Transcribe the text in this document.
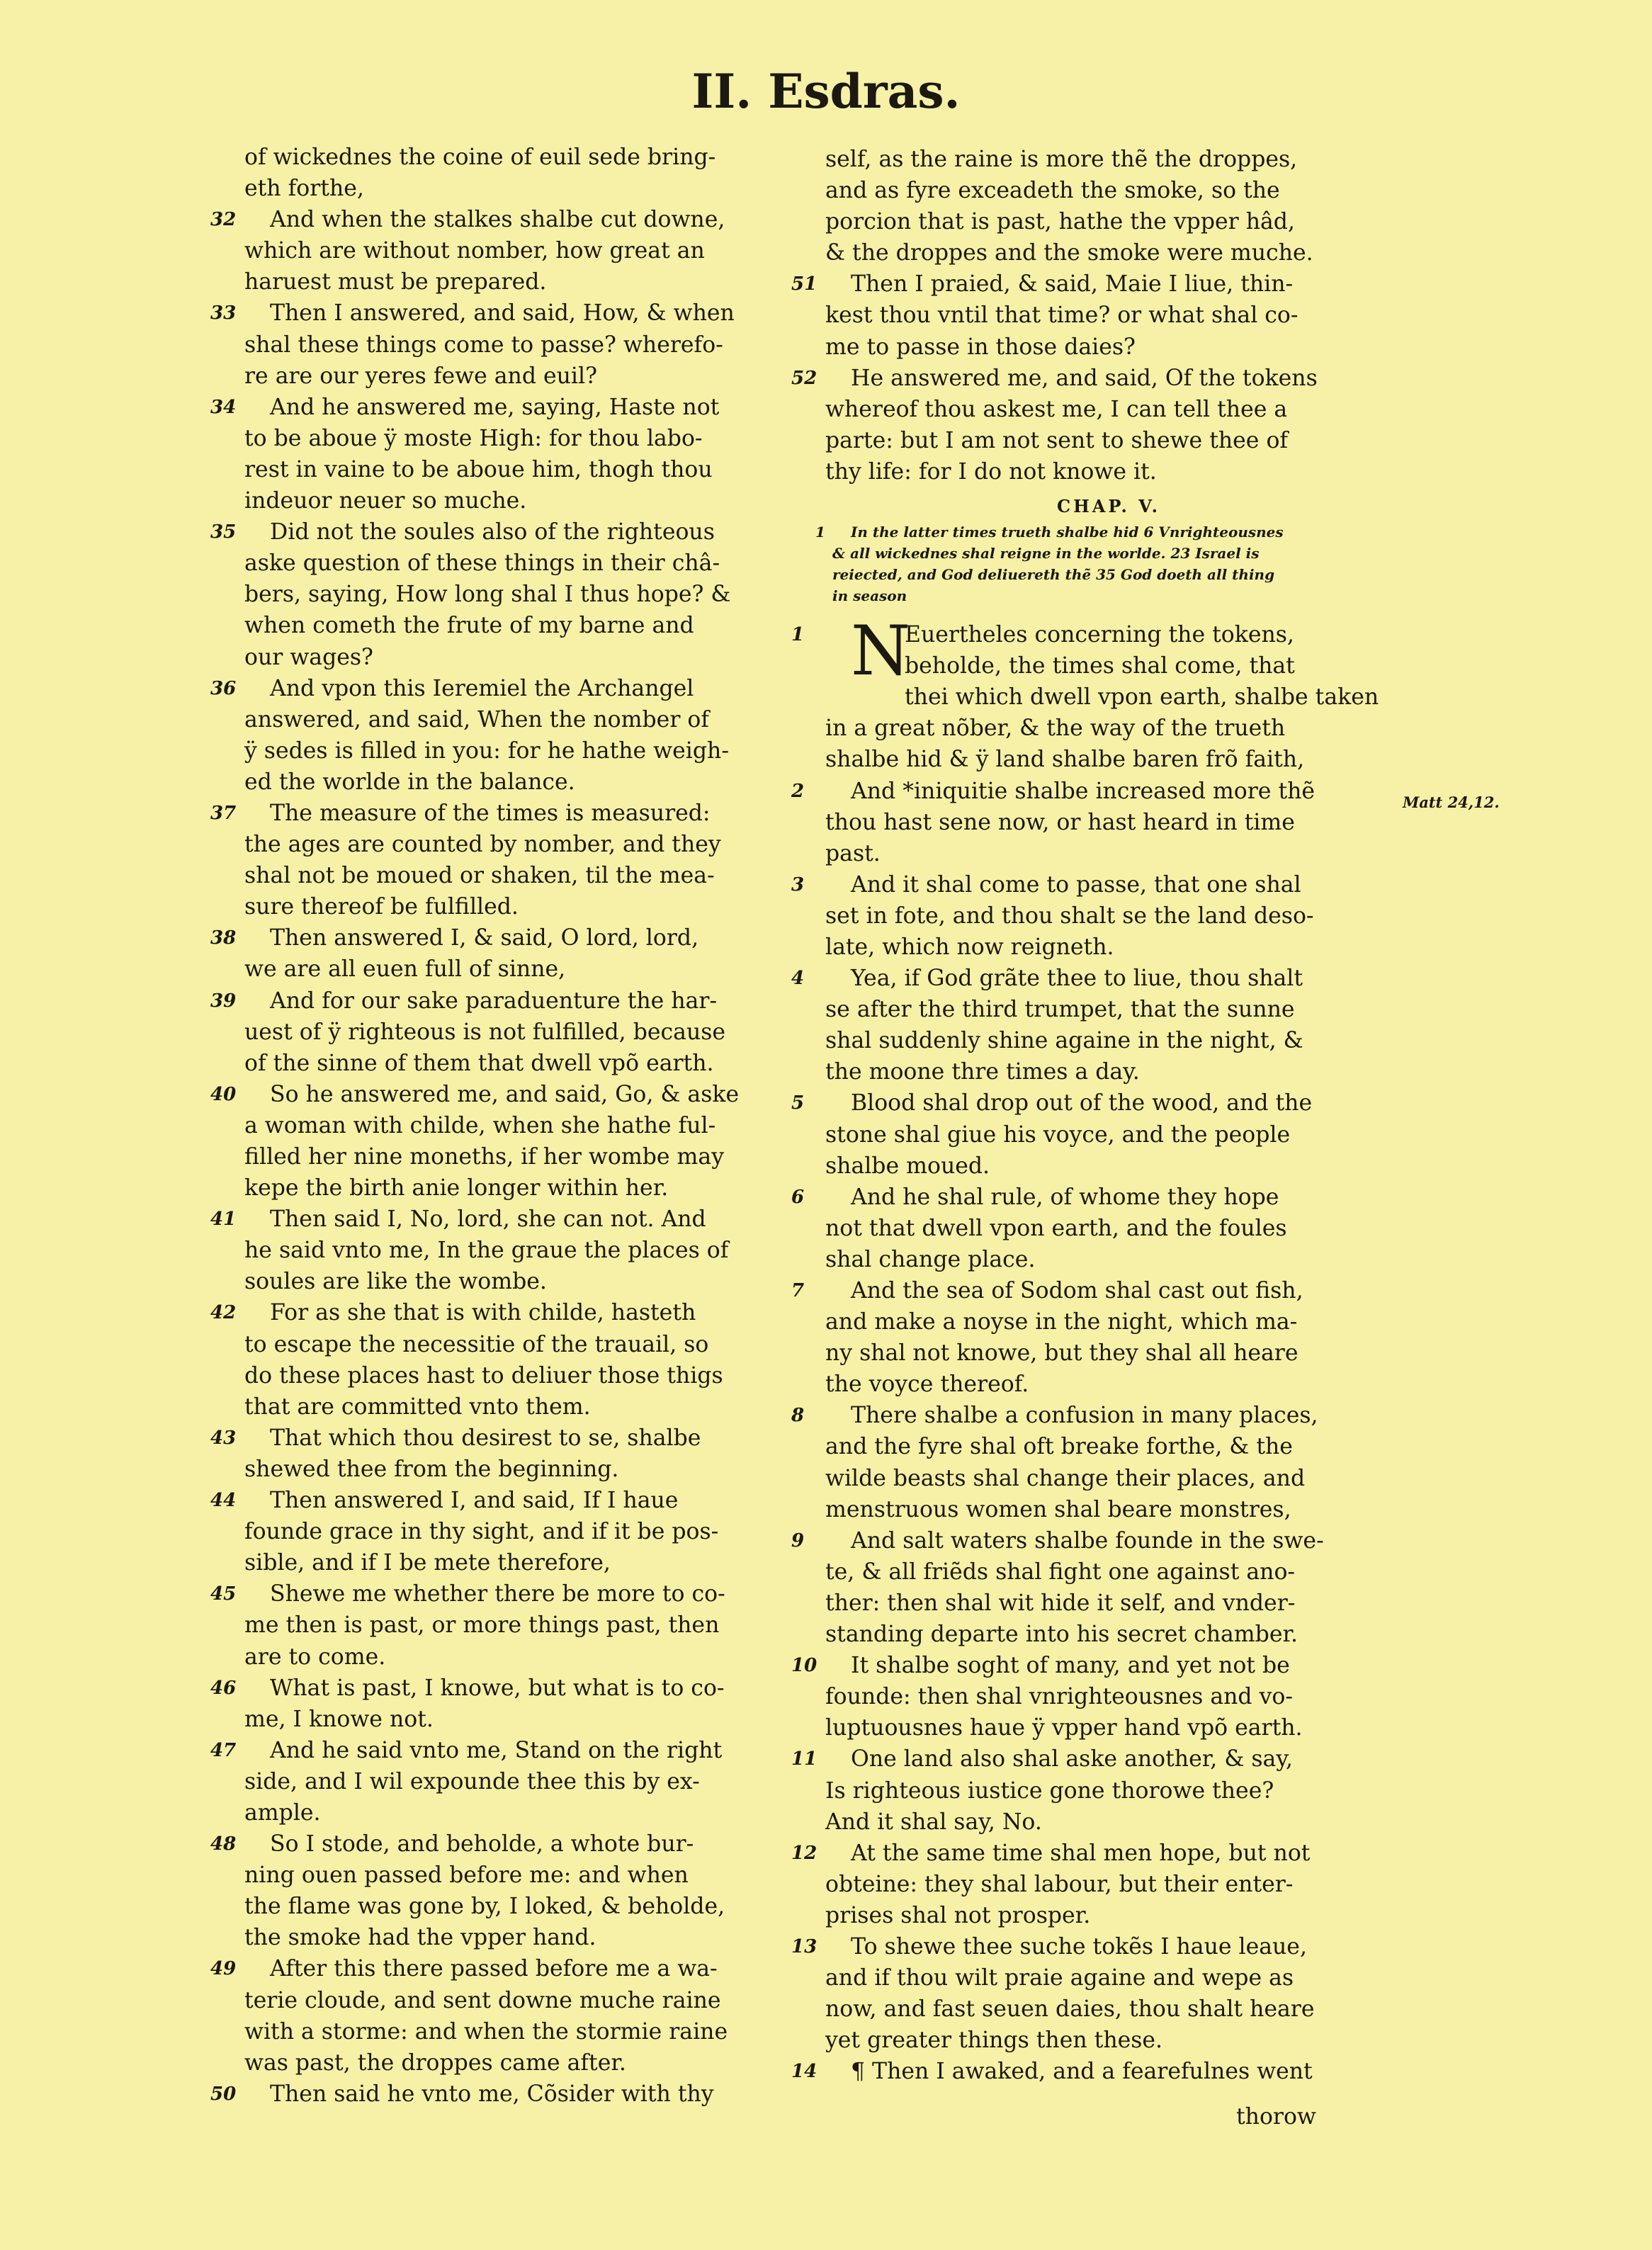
II. Esdras.
of wickednes the coine of euil sede bring-
eth forthe,
32	And when the stalkes shalbe cut downe,
which are without nomber, how great an
haruest must be prepared.
33	Then I answered, and said, How, & when
shal these things come to passe? wherefo-
re are our yeres fewe and euil?
34	And he answered me, saying, Haste not
to be aboue ÿ moste High: for thou labo-
rest in vaine to be aboue him, thogh thou
indeuor neuer so muche.
35	Did not the soules also of the righteous
aske question of these things in their châ-
bers, saying, How long shal I thus hope? &
when cometh the frute of my barne and
our wages?
36	And vpon this Ieremiel the Archangel
answered, and said, When the nomber of
ÿ sedes is filled in you: for he hathe weigh-
ed the worlde in the balance.
37	The measure of the times is measured:
the ages are counted by nomber, and they
shal not be moued or shaken, til the mea-
sure thereof be fulfilled.
38	Then answered I, & said, O lord, lord,
we are all euen full of sinne,
39	And for our sake paraduenture the har-
uest of ÿ righteous is not fulfilled, because
of the sinne of them that dwell vpõ earth.
40	So he answered me, and said, Go, & aske
a woman with childe, when she hathe ful-
filled her nine moneths, if her wombe may
kepe the birth anie longer within her.
41	Then said I, No, lord, she can not. And
he said vnto me, In the graue the places of
soules are like the wombe.
42	For as she that is with childe, hasteth
to escape the necessitie of the trauail, so
do these places hast to deliuer those thigs
that are committed vnto them.
43	That which thou desirest to se, shalbe
shewed thee from the beginning.
44	Then answered I, and said, If I haue
founde grace in thy sight, and if it be pos-
sible, and if I be mete therefore,
45	Shewe me whether there be more to co-
me then is past, or more things past, then
are to come.
46	What is past, I knowe, but what is to co-
me, I knowe not.
47	And he said vnto me, Stand on the right
side, and I wil expounde thee this by ex-
ample.
48	So I stode, and beholde, a whote bur-
ning ouen passed before me: and when
the flame was gone by, I loked, & beholde,
the smoke had the vpper hand.
49	After this there passed before me a wa-
terie cloude, and sent downe muche raine
with a storme: and when the stormie raine
was past, the droppes came after.
50	Then said he vnto me, Cõsider with thy
self, as the raine is more thẽ the droppes,
and as fyre exceadeth the smoke, so the
porcion that is past, hathe the vpper hâd,
& the droppes and the smoke were muche.
51	Then I praied, & said, Maie I liue, thin-
kest thou vntil that time? or what shal co-
me to passe in those daies?
52	He answered me, and said, Of the tokens
whereof thou askest me, I can tell thee a
parte: but I am not sent to shewe thee of
thy life: for I do not knowe it.
CHAP. V.
1	In the latter times trueth shalbe hid 6 Vnrighteousnes
& all wickednes shal reigne in the worlde. 23 Israel is
reiected, and God deliuereth thẽ 35 God doeth all thing
in season
1 N
Euertheles concerning the tokens,
beholde, the times shal come, that
thei which dwell vpon earth, shalbe taken
in a great nõber, & the way of the trueth
shalbe hid & ÿ land shalbe baren frõ faith,
2	And *iniquitie shalbe increased more thẽ
thou hast sene now, or hast heard in time
past.
3	And it shal come to passe, that one shal
set in fote, and thou shalt se the land deso-
late, which now reigneth.
4	Yea, if God grãte thee to liue, thou shalt
se after the third trumpet, that the sunne
shal suddenly shine againe in the night, &
the moone thre times a day.
5	Blood shal drop out of the wood, and the
stone shal giue his voyce, and the people
shalbe moued.
6	And he shal rule, of whome they hope
not that dwell vpon earth, and the foules
shal change place.
7	And the sea of Sodom shal cast out fish,
and make a noyse in the night, which ma-
ny shal not knowe, but they shal all heare
the voyce thereof.
8	There shalbe a confusion in many places,
and the fyre shal oft breake forthe, & the
wilde beasts shal change their places, and
menstruous women shal beare monstres,
9	And salt waters shalbe founde in the swe-
te, & all friẽds shal fight one against ano-
ther: then shal wit hide it self, and vnder-
standing departe into his secret chamber.
10	It shalbe soght of many, and yet not be
founde: then shal vnrighteousnes and vo-
luptuousnes haue ÿ vpper hand vpõ earth.
11	One land also shal aske another, & say,
Is righteous iustice gone thorowe thee?
And it shal say, No.
12	At the same time shal men hope, but not
obteine: they shal labour, but their enter-
prises shal not prosper.
13	To shewe thee suche tokẽs I haue leaue,
and if thou wilt praie againe and wepe as
now, and fast seuen daies, thou shalt heare
yet greater things then these.
14	¶ Then I awaked, and a fearefulnes went
Matt 24,12.
thorow
